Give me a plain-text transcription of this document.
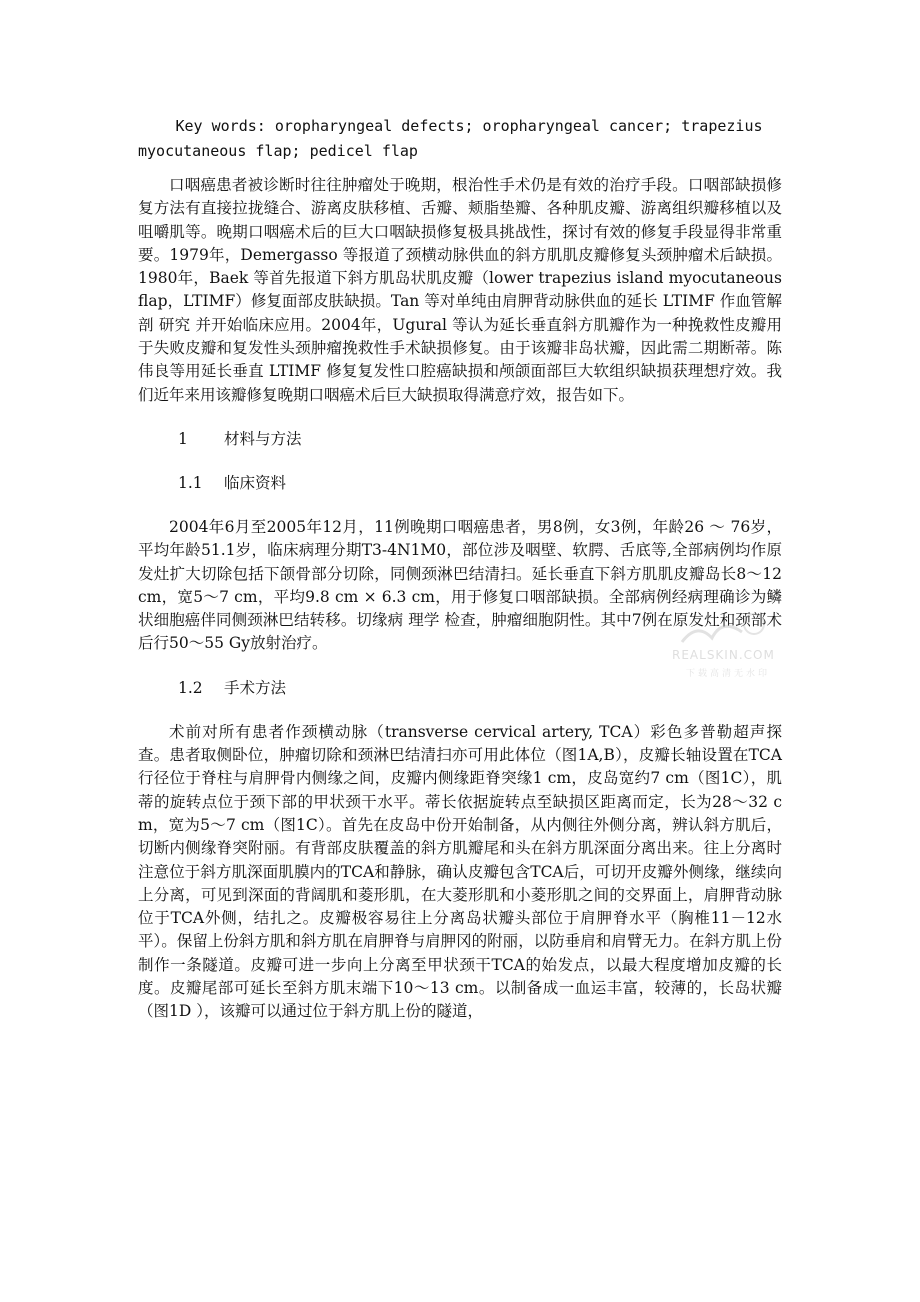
Key words: oropharyngeal defects; oropharyngeal cancer; trapezius myocutaneous flap; pedicel flap

口咽癌患者被诊断时往往肿瘤处于晚期，根治性手术仍是有效的治疗手段。口咽部缺损修复方法有直接拉拢缝合、游离皮肤移植、舌瓣、颊脂垫瓣、各种肌皮瓣、游离组织瓣移植以及咀嚼肌等。晚期口咽癌术后的巨大口咽缺损修复极具挑战性，探讨有效的修复手段显得非常重要。1979年，Demergasso 等报道了颈横动脉供血的斜方肌肌皮瓣修复头颈肿瘤术后缺损。1980年，Baek 等首先报道下斜方肌岛状肌皮瓣（lower trapezius island myocutaneous flap，LTIMF）修复面部皮肤缺损。Tan 等对单纯由肩胛背动脉供血的延长 LTIMF 作血管解剖 研究 并开始临床应用。2004年，Ugural 等认为延长垂直斜方肌瓣作为一种挽救性皮瓣用于失败皮瓣和复发性头颈肿瘤挽救性手术缺损修复。由于该瓣非岛状瓣，因此需二期断蒂。陈伟良等用延长垂直 LTIMF 修复复发性口腔癌缺损和颅颌面部巨大软组织缺损获理想疗效。我们近年来用该瓣修复晚期口咽癌术后巨大缺损取得满意疗效，报告如下。

1	材料与方法
1.1	临床资料

2004年6月至2005年12月，11例晚期口咽癌患者，男8例，女3例，年龄26 ～ 76岁，平均年龄51.1岁，临床病理分期T3-4N1M0，部位涉及咽壁、软腭、舌底等,全部病例均作原发灶扩大切除包括下颌骨部分切除，同侧颈淋巴结清扫。延长垂直下斜方肌肌皮瓣岛长8～12 cm，宽5～7 cm，平均9.8 cm × 6.3 cm，用于修复口咽部缺损。全部病例经病理确诊为鳞状细胞癌伴同侧颈淋巴结转移。切缘病 理学 检查，肿瘤细胞阴性。其中7例在原发灶和颈部术后行50～55 Gy放射治疗。

1.2	手术方法

术前对所有患者作颈横动脉（transverse cervical artery, TCA）彩色多普勒超声探查。患者取侧卧位，肿瘤切除和颈淋巴结清扫亦可用此体位（图1A,B），皮瓣长轴设置在TCA行径位于脊柱与肩胛骨内侧缘之间，皮瓣内侧缘距脊突缘1 cm，皮岛宽约7 cm（图1C），肌蒂的旋转点位于颈下部的甲状颈干水平。蒂长依据旋转点至缺损区距离而定，长为28～32 cm，宽为5～7 cm（图1C）。首先在皮岛中份开始制备，从内侧往外侧分离，辨认斜方肌后，切断内侧缘脊突附丽。有背部皮肤覆盖的斜方肌瓣尾和头在斜方肌深面分离出来。往上分离时注意位于斜方肌深面肌膜内的TCA和静脉，确认皮瓣包含TCA后，可切开皮瓣外侧缘，继续向上分离，可见到深面的背阔肌和菱形肌，在大菱形肌和小菱形肌之间的交界面上，肩胛背动脉位于TCA外侧，结扎之。皮瓣极容易往上分离岛状瓣头部位于肩胛脊水平（胸椎11－12水平）。保留上份斜方肌和斜方肌在肩胛脊与肩胛冈的附丽，以防垂肩和肩臂无力。在斜方肌上份制作一条隧道。皮瓣可进一步向上分离至甲状颈干TCA的始发点，以最大程度增加皮瓣的长度。皮瓣尾部可延长至斜方肌末端下10～13 cm。以制备成一血运丰富，较薄的，长岛状瓣（图1D ），该瓣可以通过位于斜方肌上份的隧道，

REALSKIN.COM
下载高清无水印
